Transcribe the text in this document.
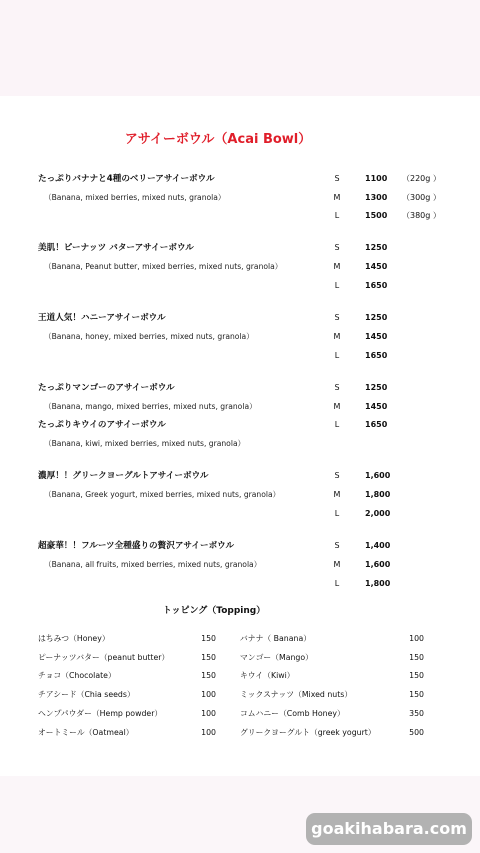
アサイーボウル（Acai Bowl）
たっぷりバナナと4種のベリーアサイーボウル	S	1100 （220g ）
（Banana, mixed berries, mixed nuts, granola）	M	1300 （300g ）
L	1500 （380g ）
美肌！ピーナッツ バターアサイーボウル	S	1250
（Banana, Peanut butter, mixed berries, mixed nuts, granola）	M	1450
L	1650
王道人気！ハニーアサイーボウル	S	1250
（Banana, honey, mixed berries, mixed nuts, granola）	M	1450
L	1650
たっぷりマンゴーのアサイーボウル	S	1250
（Banana, mango, mixed berries, mixed nuts, granola）	M	1450
たっぷりキウイのアサイーボウル	L	1650
（Banana, kiwi, mixed berries, mixed nuts, granola）
濃厚！！グリークヨーグルトアサイーボウル	S	1,600
（Banana, Greek yogurt, mixed berries, mixed nuts, granola）	M	1,800
L	2,000
超豪華！！フルーツ全種盛りの贅沢アサイーボウル	S	1,400
（Banana, all fruits, mixed berries, mixed nuts, granola）	M	1,600
L	1,800
トッピング（Topping）
はちみつ（Honey）	150	バナナ（ Banana）	100
ピーナッツバター（peanut butter）	150	マンゴー（Mango）	150
チョコ（Chocolate）	150	キウイ（Kiwi）	150
チアシード（Chia seeds）	100	ミックスナッツ（Mixed nuts）	150
ヘンプパウダー（Hemp powder）	100	コムハニー（Comb Honey）	350
オートミール（Oatmeal）	100	グリークヨーグルト（greek yogurt）	500
goakihabara.com
